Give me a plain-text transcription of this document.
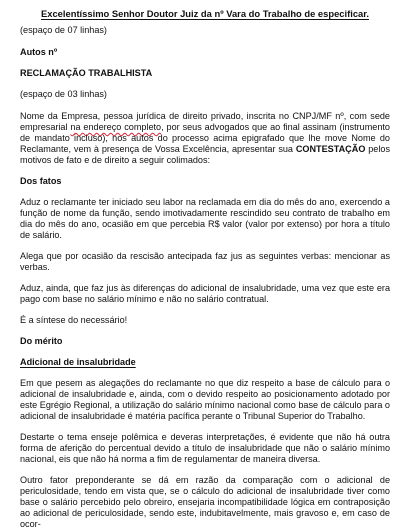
Excelentíssimo Senhor Doutor Juiz da nº Vara do Trabalho de especificar.
(espaço de 07 linhas)
Autos nº
RECLAMAÇÃO TRABALHISTA
(espaço de 03 linhas)

Nome da Empresa, pessoa jurídica de direito privado, inscrita no CNPJ/MF nº, com sede empresarial na endereço completo, por seus advogados que ao final assinam (instrumento de mandato incluso), nos autos do processo acima epigrafado que lhe move Nome do Reclamante, vem à presença de Vossa Excelência, apresentar sua CONTESTAÇÃO pelos motivos de fato e de direito a seguir colimados:

Dos fatos

Aduz o reclamante ter iniciado seu labor na reclamada em dia do mês do ano, exercendo a função de nome da função, sendo imotivadamente rescindido seu contrato de trabalho em dia do mês do ano, ocasião em que percebia R$ valor (valor por extenso) por hora a título de salário.

Alega que por ocasião da rescisão antecipada faz jus as seguintes verbas: mencionar as verbas.

Aduz, ainda, que faz jus às diferenças do adicional de insalubridade, uma vez que este era pago com base no salário mínimo e não no salário contratual.

É a síntese do necessário!

Do mérito
Adicional de insalubridade

Em que pesem as alegações do reclamante no que diz respeito a base de cálculo para o adicional de insalubridade e, ainda, com o devido respeito ao posicionamento adotado por este Egrégio Regional, a utilização do salário mínimo nacional como base de cálculo para o adicional de insalubridade é matéria pacífica perante o Tribunal Superior do Trabalho.

Destarte o tema enseje polêmica e deveras interpretações, é evidente que não há outra forma de aferição do percentual devido a título de insalubridade que não o salário mínimo nacional, eis que não há norma a fim de regulamentar de maneira diversa.

Outro fator preponderante se dá em razão da comparação com o adicional de periculosidade, tendo em vista que, se o cálculo do adicional de insalubridade tiver como base o salário percebido pelo obreiro, ensejaria incompatibilidade lógica em contraposição ao adicional de periculosidade, sendo este, indubitavelmente, mais gravoso e, em caso de ocor-
